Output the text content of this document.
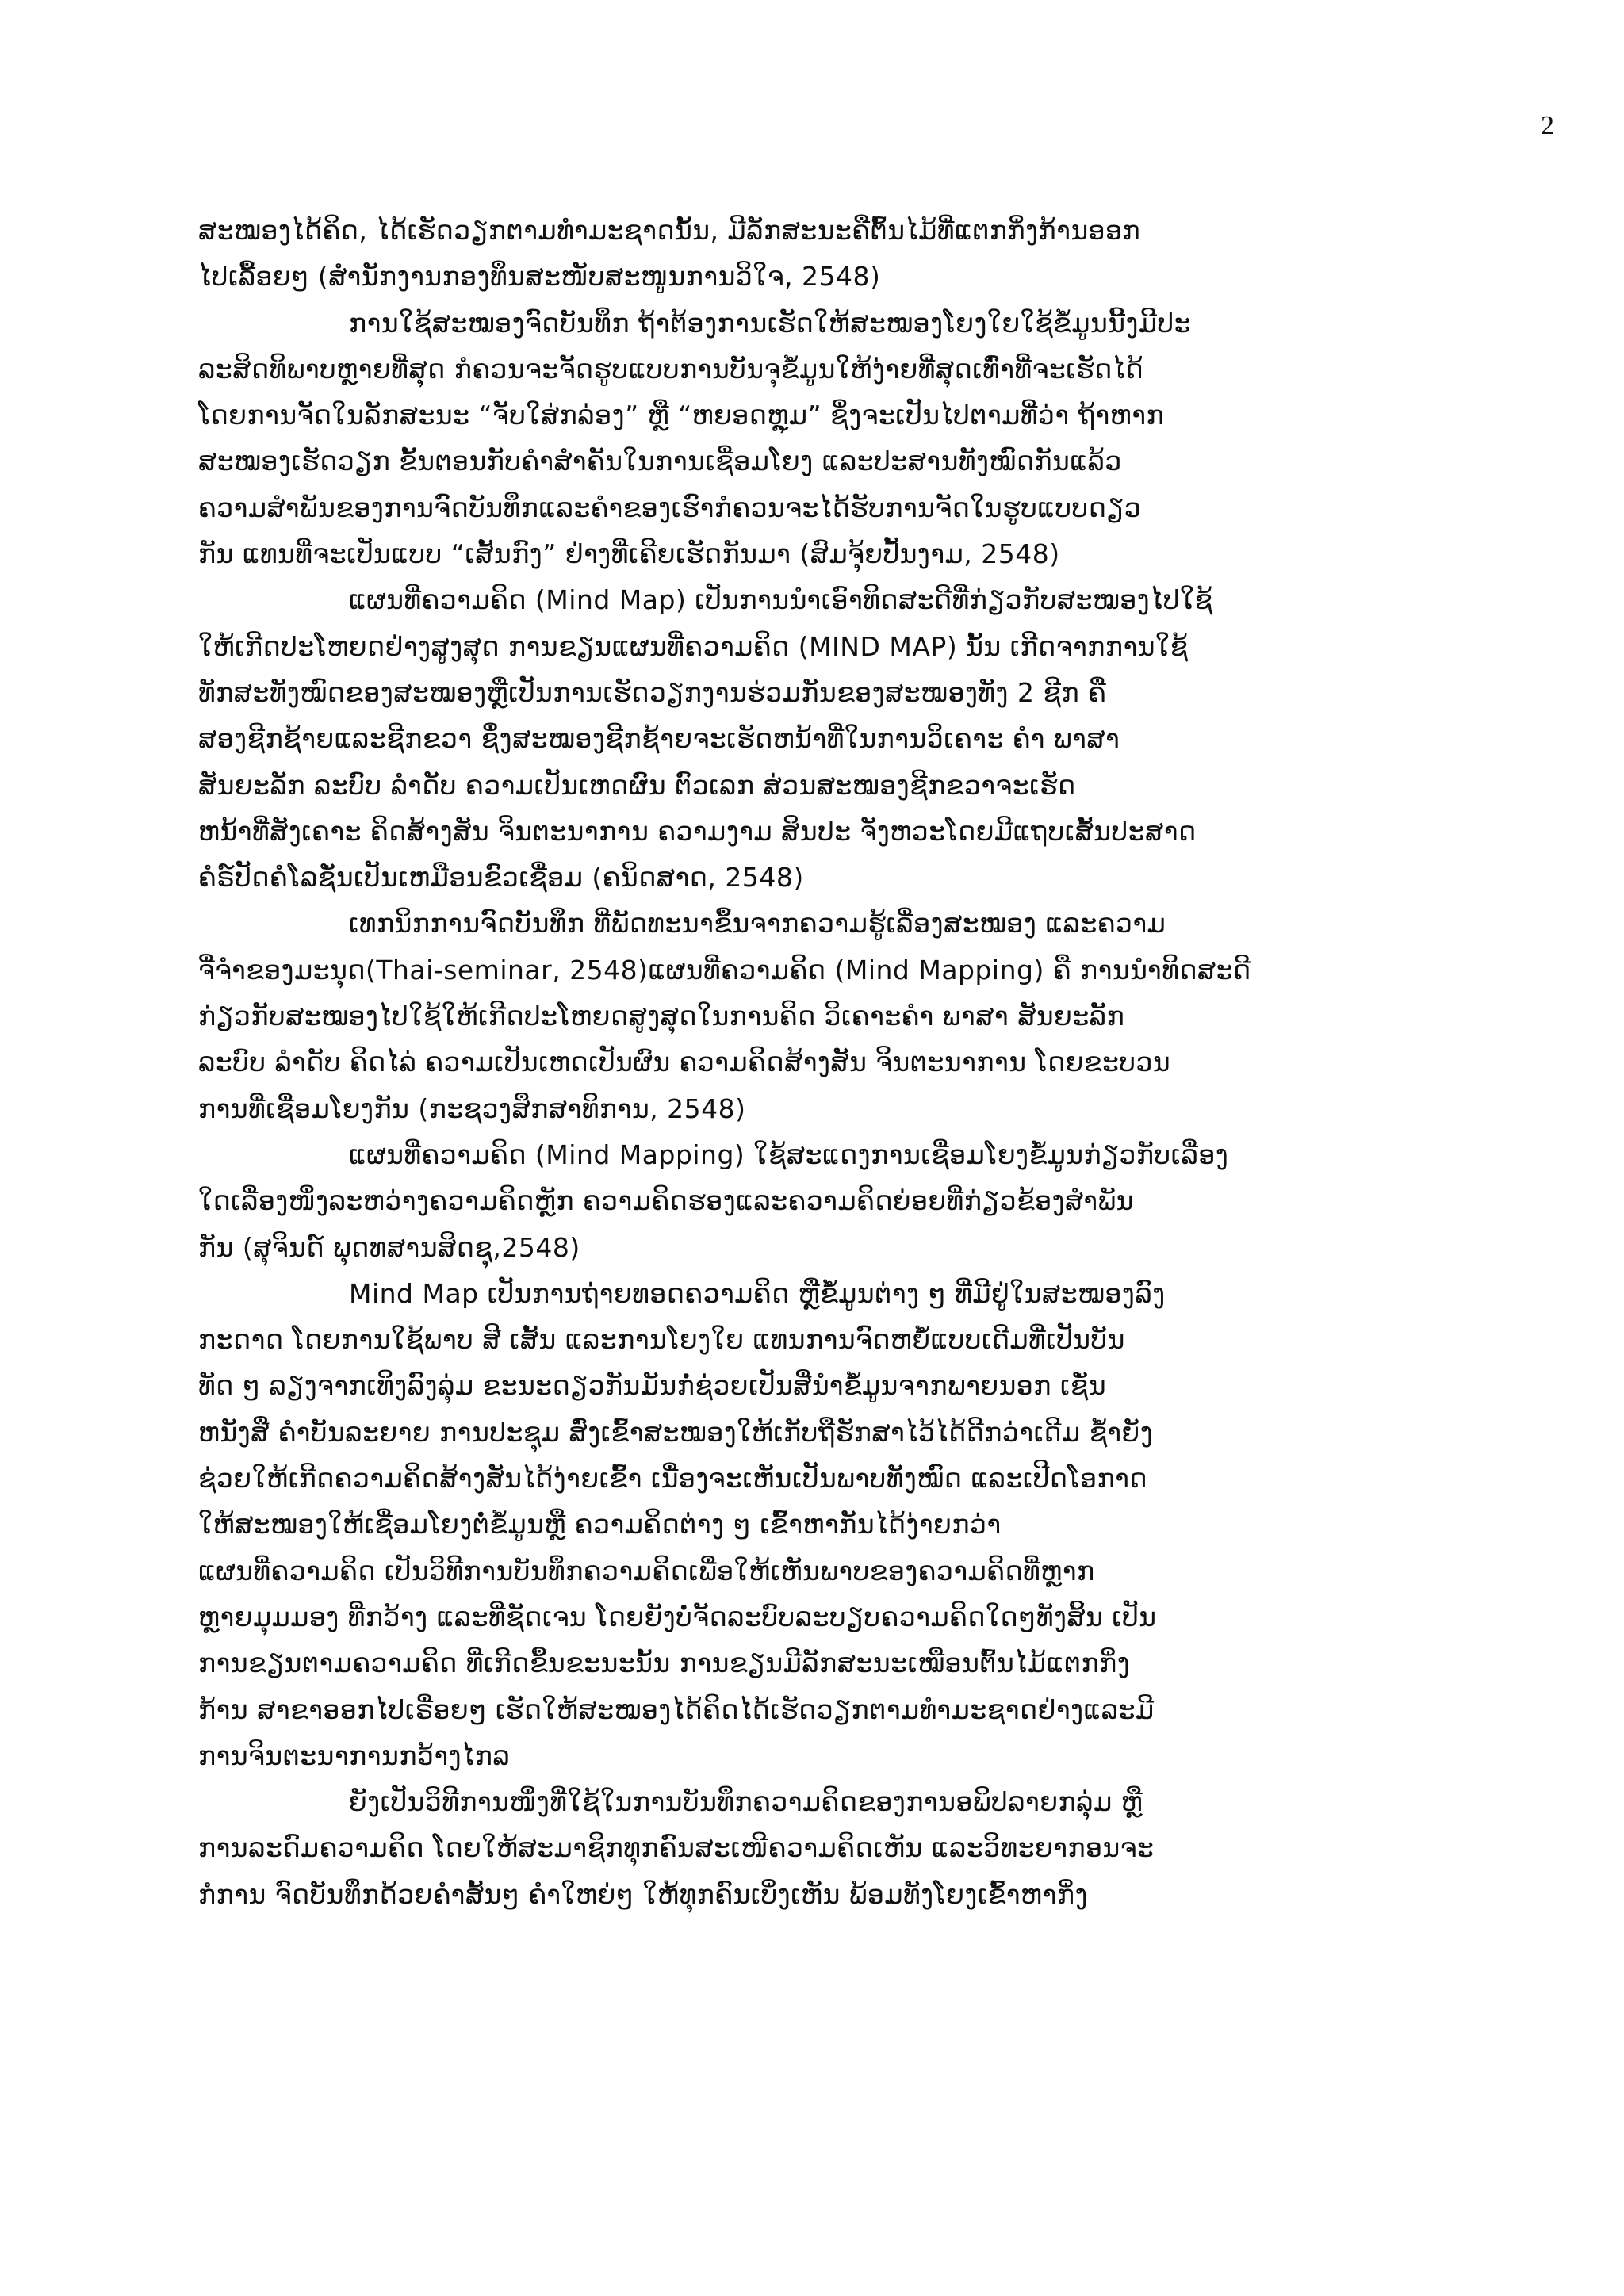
2
ສະໝອງໄດ້ຄິດ, ໄດ້ເຮັດວຽກຕາມທຳມະຊາດນັ້ນ, ມີລັກສະນະຄືຕົ້ນໄມ້ທີ່ແຕກກິ່ງກ້ານອອກ
ໄປເລື້ອຍໆ (ສຳນັກງານກອງທຶນສະໜັບສະໜູນການວິໃຈ, 2548)
ການໃຊ້ສະໝອງຈົດບັນທຶກ ຖ້າຕ້ອງການເຮັດໃຫ້ສະໝອງໂຍງໃຍໃຊ້ຂໍ້ມູນນີ້ງມີປະ
ລະສິດທິພາບຫຼາຍທີ່ສຸດ ກໍຄວນຈະຈັດຮູບແບບການບັນຈຸຂໍ້ມູນໃຫ້ງ່າຍທີ່ສຸດເທົ່າທີ່ຈະເຮັດໄດ້
ໂດຍການຈັດໃນລັກສະນະ “ຈັບໃສ່ກລ່ອງ” ຫຼື “ຫຍອດຫຼຸມ” ຊຶ່ງຈະເປັນໄປຕາມທີ່ວ່າ ຖ້າຫາກ
ສະໝອງເຮັດວຽກ ຂັ້ນຕອນກັບຄຳສຳຄັນໃນການເຊື່ອມໂຍງ ແລະປະສານທັງໝົດກັນແລ້ວ
ຄວາມສຳພັນຂອງການຈົດບັນທຶກແລະຄຳຂອງເຮົາກໍຄວນຈະໄດ້ຮັບການຈັດໃນຮູບແບບດຽວ
ກັນ ແທນທີ່ຈະເປັນແບບ “ເສັ້ນກົງ” ຢ່າງທີ່ເຄີຍເຮັດກັນມາ (ສົມຈຸ້ຍປັ້ນງາມ, 2548)
ແຜນທີ່ຄວາມຄິດ (Mind Map) ເປັນການນຳເອົາທິດສະດີທີ່ກ່ຽວກັບສະໝອງໄປໃຊ້
ໃຫ້ເກີດປະໂຫຍດຢ່າງສູງສຸດ ການຂຽນແຜນທີ່ຄວາມຄິດ (MIND MAP) ນັ້ນ ເກີດຈາກການໃຊ້
ທັກສະທັງໝົດຂອງສະໝອງຫຼືເປັນການເຮັດວຽກງານຮ່ວມກັນຂອງສະໝອງທັງ 2 ຊີກ ຄື
ສອງຊີກຊ້າຍແລະຊີກຂວາ ຊຶ່ງສະໝອງຊີກຊ້າຍຈະເຮັດຫນ້າທີ່ໃນການວິເຄາະ ຄຳ ພາສາ
ສັນຍະລັກ ລະບົບ ລຳດັບ ຄວາມເປັນເຫດຜົນ ຕົວເລກ ສ່ວນສະໝອງຊີກຂວາຈະເຮັດ
ຫນ້າທີ່ສັງເຄາະ ຄິດສ້າງສັນ ຈິນຕະນາການ ຄວາມງາມ ສິນປະ ຈັງຫວະໂດຍມີແຖບເສັ້ນປະສາດ
ຄໍຣ໌ປັດຄໍໂລຊັ່ນເປັນເຫມືອນຂົວເຊື່ອມ (ຄນິດສາດ, 2548)
ເທກນິກການຈົດບັນທຶກ ທີ່ພັດທະນາຂຶ້ນຈາກຄວາມຮູ້ເລື່ອງສະໝອງ ແລະຄວາມ
ຈື່ຈຳຂອງມະນຸດ(Thai-seminar, 2548)ແຜນທີ່ຄວາມຄິດ (Mind Mapping) ຄື ການນຳທິດສະດີ
ກ່ຽວກັບສະໝອງໄປໃຊ້ໃຫ້ເກີດປະໂຫຍດສູງສຸດໃນການຄິດ ວິເຄາະຄຳ ພາສາ ສັນຍະລັກ
ລະບົບ ລຳດັບ ຄິດໄລ່ ຄວາມເປັນເຫດເປັນຜົນ ຄວາມຄິດສ້າງສັນ ຈິນຕະນາການ ໂດຍຂະບວນ
ການທີ່ເຊື່ອມໂຍງກັນ (ກະຊວງສຶກສາທິການ, 2548)
ແຜນທີ່ຄວາມຄິດ (Mind Mapping) ໃຊ້ສະແດງການເຊື່ອມໂຍງຂໍ້ມູນກ່ຽວກັບເລື່ອງ
ໃດເລື່ອງໜຶ່ງລະຫວ່າງຄວາມຄິດຫຼັກ ຄວາມຄິດຮອງແລະຄວາມຄິດຍ່ອຍທີ່ກ່ຽວຂ້ອງສຳພັນ
ກັນ (ສຸຈິນດ໌ ພຸດທສານສິດຊຸ,2548)
Mind Map ເປັນການຖ່າຍທອດຄວາມຄິດ ຫຼືຂໍ້ມູນຕ່າງ ໆ ທີ່ມີຢູ່ໃນສະໝອງລົງ
ກະດາດ ໂດຍການໃຊ້ພາບ ສີ ເສັ້ນ ແລະການໂຍງໃຍ ແທນການຈົດຫຍໍ້ແບບເດີມທີ່ເປັນບັນ
ທັດ ໆ ລຽງຈາກເທິງລົງລຸ່ມ ຂະນະດຽວກັນມັນກໍ່ຊ່ວຍເປັນສື່ນຳຂໍ້ມູນຈາກພາຍນອກ ເຊັ່ນ
ຫນັງສື ຄຳບັນລະຍາຍ ການປະຊຸມ ສົ່ງເຂົ້າສະໝອງໃຫ້ເກັບຖືຮັກສາໄວ້ໄດ້ດີກວ່າເດີມ ຊ້ຳຍັງ
ຊ່ວຍໃຫ້ເກີດຄວາມຄິດສ້າງສັນໄດ້ງ່າຍເຂົ້າ ເນື່ອງຈະເຫັນເປັນພາບທັງໝົດ ແລະເປີດໂອກາດ
ໃຫ້ສະໝອງໃຫ້ເຊື່ອມໂຍງຕໍ່ຂໍ້ມູນຫຼື ຄວາມຄິດຕ່າງ ໆ ເຂົ້າຫາກັນໄດ້ງ່າຍກວ່າ
ແຜນທີ່ຄວາມຄິດ ເປັນວິທີການບັນທຶກຄວາມຄິດເພື່ອໃຫ້ເຫັນພາບຂອງຄວາມຄິດທີ່ຫຼາກ
ຫຼາຍມຸມມອງ ທີ່ກວ້າງ ແລະທີ່ຊັດເຈນ ໂດຍຍັງບໍ່ຈັດລະບົບລະບຽບຄວາມຄິດໃດໆທັງສິ້ນ ເປັນ
ການຂຽນຕາມຄວາມຄິດ ທີ່ເກີດຂຶ້ນຂະນະນັ້ນ ການຂຽນມີລັກສະນະເໝືອນຕົ້ນໄມ້ແຕກກິ່ງ
ກ້ານ ສາຂາອອກໄປເຣື່ອຍໆ ເຮັດໃຫ້ສະໝອງໄດ້ຄິດໄດ້ເຮັດວຽກຕາມທຳມະຊາດຢ່າງແລະມີ
ການຈິນຕະນາການກວ້າງໄກລ
ຍັງເປັນວິທີການໜຶ່ງທີ່ໃຊ້ໃນການບັນທຶກຄວາມຄິດຂອງການອພິປລາຍກລຸ່ມ ຫຼື
ການລະດົມຄວາມຄິດ ໂດຍໃຫ້ສະມາຊິກທຸກຄົນສະເໜີຄວາມຄິດເຫັນ ແລະວິທະຍາກອນຈະ
ກໍການ ຈົດບັນທຶກດ້ວຍຄຳສັ້ນໆ ຄຳໃຫຍ່ໆ ໃຫ້ທຸກຄົນເບິ່ງເຫັນ ພ້ອມທັງໂຍງເຂົ້າຫາກິ່ງ
